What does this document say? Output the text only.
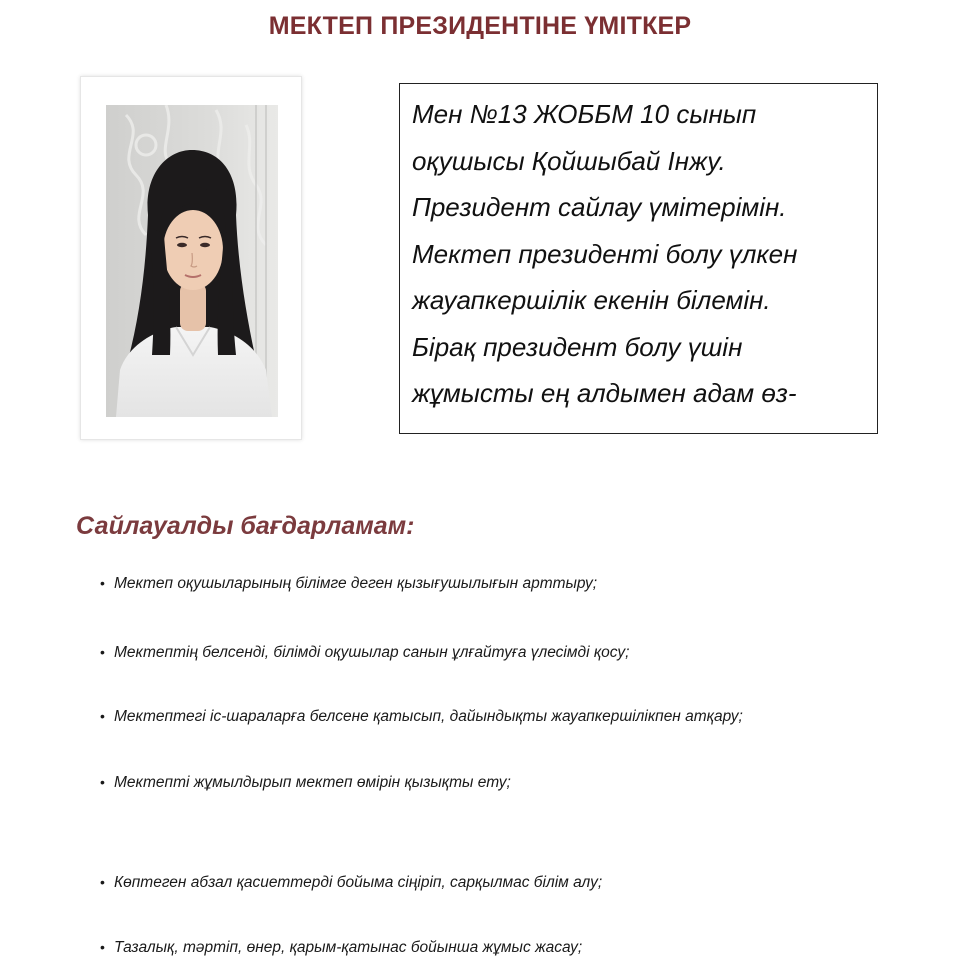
МЕКТЕП ПРЕЗИДЕНТІНЕ ҮМІТКЕР
Мен №13 ЖОББМ 10 сынып
оқушысы Қойшыбай Інжу.
Президент сайлау үмітерімін.
Мектеп президенті болу үлкен
жауапкершілік екенін білемін.
Бірақ президент болу үшін
жұмысты ең алдымен адам өз-
Сайлауалды бағдарламам:
• Мектеп оқушыларының білімге деген қызығушылығын арттыру;
• Мектептің белсенді, білімді оқушылар санын ұлғайтуға үлесімді қосу;
• Мектептегі іс-шараларға белсене қатысып, дайындықты жауапкершілікпен атқару;
• Мектепті жұмылдырып мектеп өмірін қызықты ету;
• Көптеген абзал қасиеттерді бойыма сіңіріп, сарқылмас білім алу;
• Тазалық, тәртіп, өнер, қарым-қатынас бойынша жұмыс жасау;
